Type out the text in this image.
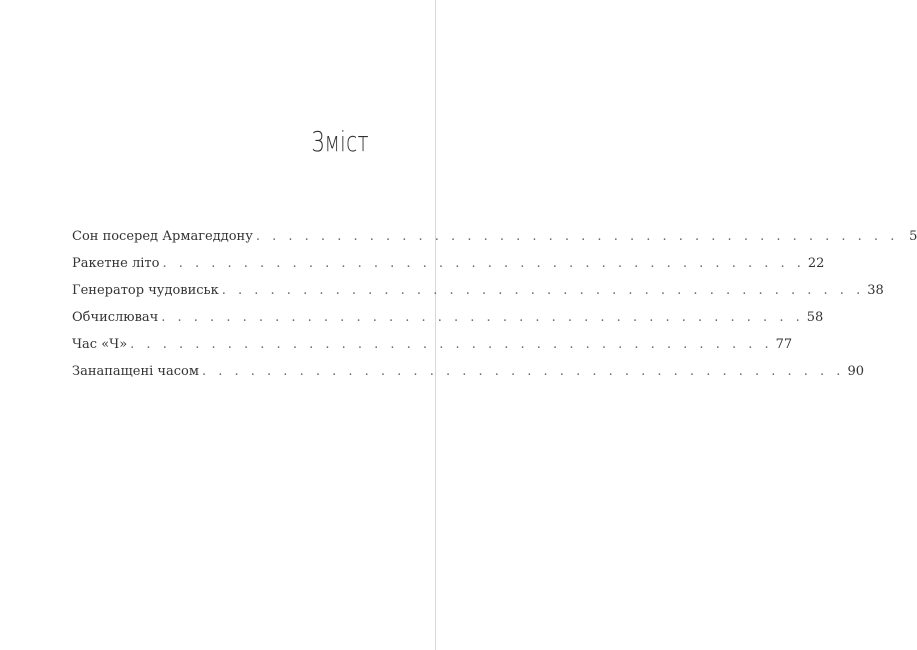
Зміст
Сон посеред Армагеддону . . . . . . . . . . . . . . . . . . . . . . . . . . . . . . . . . . . . . . . . 5
Ракетне літо . . . . . . . . . . . . . . . . . . . . . . . . . . . . . . . . . . . . . . . . 22
Генератор чудовиськ . . . . . . . . . . . . . . . . . . . . . . . . . . . . . . . . . . . . . . . . 38
Обчислювач . . . . . . . . . . . . . . . . . . . . . . . . . . . . . . . . . . . . . . . . 58
Час «Ч» . . . . . . . . . . . . . . . . . . . . . . . . . . . . . . . . . . . . . . . . 77
Занапащені часом . . . . . . . . . . . . . . . . . . . . . . . . . . . . . . . . . . . . . . . . 90
